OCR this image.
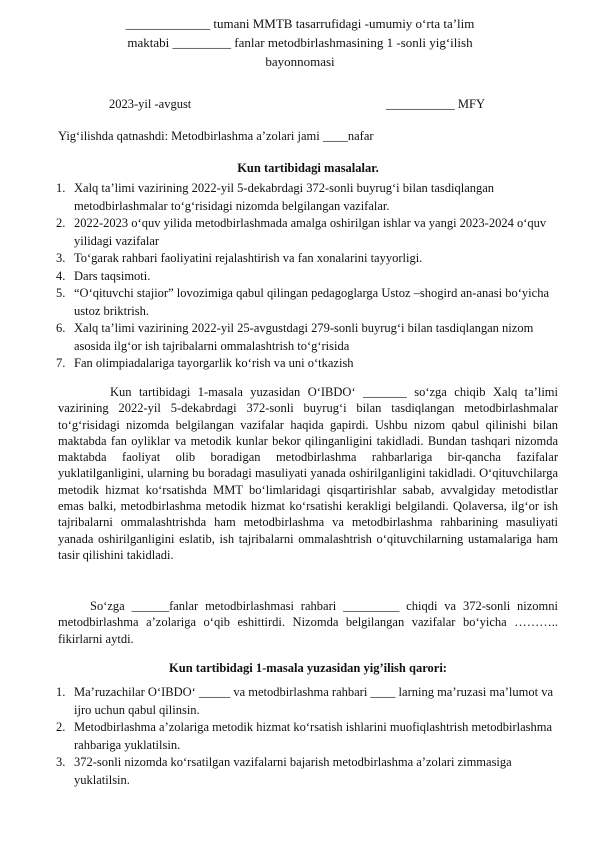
_____________ tumani MMTB tasarrufidagi -umumiy o‘rta ta’lim
maktabi _________ fanlar metodbirlashmasining 1 -sonli yig‘ilish
bayonnomasi
2023-yil -avgust	___________ MFY
Yig‘ilishda qatnashdi: Metodbirlashma a’zolari jami ____nafar
Kun tartibidagi masalalar.
1. Xalq ta’limi vazirining 2022-yil 5-dekabrdagi 372-sonli buyrug‘i bilan tasdiqlangan metodbirlashmalar to‘g‘risidagi nizomda belgilangan vazifalar.
2. 2022-2023 o‘quv yilida metodbirlashmada amalga oshirilgan ishlar va yangi 2023-2024 o‘quv yilidagi vazifalar
3. To‘garak rahbari faoliyatini rejalashtirish va fan xonalarini tayyorligi.
4. Dars taqsimoti.
5. “O‘qituvchi stajior” lovozimiga qabul qilingan pedagoglarga Ustoz –shogird an-anasi bo‘yicha ustoz briktrish.
6. Xalq ta’limi vazirining 2022-yil 25-avgustdagi 279-sonli buyrug‘i bilan tasdiqlangan nizom asosida ilg‘or ish tajribalarni ommalashtrish to‘g‘risida
7. Fan olimpiadalariga tayorgarlik ko‘rish va uni o‘tkazish
Kun tartibidagi 1-masala yuzasidan O‘IBDO‘ _______ so‘zga chiqib Xalq ta’limi vazirining 2022-yil 5-dekabrdagi 372-sonli buyrug‘i bilan tasdiqlangan metodbirlashmalar to‘g‘risidagi nizomda belgilangan vazifalar haqida gapirdi. Ushbu nizom qabul qilinishi bilan maktabda fan oyliklar va metodik kunlar bekor qilinganligini takidladi. Bundan tashqari nizomda maktabda faoliyat olib boradigan metodbirlashma rahbarlariga bir-qancha fazifalar yuklatilganligini, ularning bu boradagi masuliyati yanada oshirilganligini takidladi. O‘qituvchilarga metodik hizmat ko‘rsatishda MMT bo‘limlaridagi qisqartirishlar sabab, avvalgiday metodistlar emas balki, metodbirlashma metodik hizmat ko‘rsatishi kerakligi belgilandi. Qolaversa, ilg‘or ish tajribalarni ommalashtrishda ham metodbirlashma va metodbirlashma rahbarining masuliyati yanada oshirilganligini eslatib, ish tajribalarni ommalashtrish o‘qituvchilarning ustamalariga ham tasir qilishini takidladi.
So‘zga ______fanlar metodbirlashmasi rahbari _________ chiqdi va 372-sonli nizomni metodbirlashma a’zolariga o‘qib eshittirdi. Nizomda belgilangan vazifalar bo‘yicha ……….. fikirlarni aytdi.
Kun tartibidagi 1-masala yuzasidan yig’ilish qarori:
1. Ma’ruzachilar O‘IBDO‘ _____ va metodbirlashma rahbari ____ larning ma’ruzasi ma’lumot va ijro uchun qabul qilinsin.
2. Metodbirlashma a’zolariga metodik hizmat ko‘rsatish ishlarini muofiqlashtrish metodbirlashma rahbariga yuklatilsin.
3. 372-sonli nizomda ko‘rsatilgan vazifalarni bajarish metodbirlashma a’zolari zimmasiga yuklatilsin.
